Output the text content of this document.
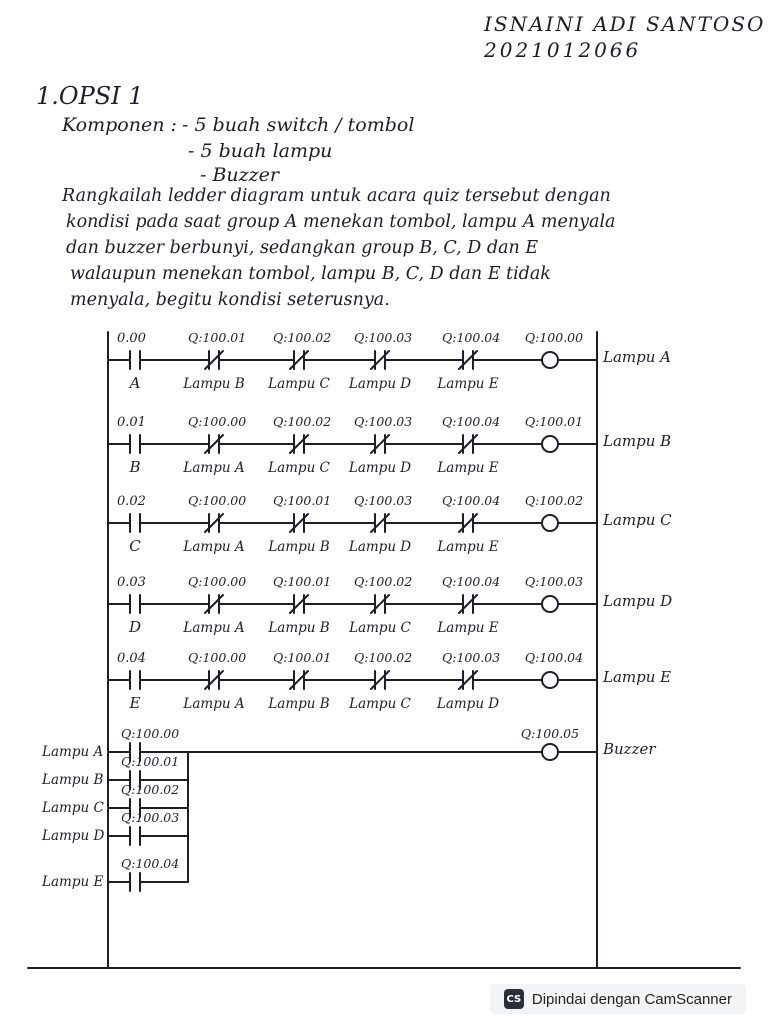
ISNAINI ADI SANTOSO
2021012066
1.OPSI 1
Komponen : - 5 buah switch / tombol
- 5 buah lampu
- Buzzer
Rangkailah ledder diagram untuk acara quiz tersebut dengan
kondisi pada saat group A menekan tombol, lampu A menyala
dan buzzer berbunyi, sedangkan group B, C, D dan E
walaupun menekan tombol, lampu B, C, D dan E tidak
menyala, begitu kondisi seterusnya.
0.00
A
Q:100.01
Lampu B
Q:100.02
Lampu C
Q:100.03
Lampu D
Q:100.04
Lampu E
Q:100.00
Lampu A
0.01
B
Q:100.00
Lampu A
Q:100.02
Lampu C
Q:100.03
Lampu D
Q:100.04
Lampu E
Q:100.01
Lampu B
0.02
C
Q:100.00
Lampu A
Q:100.01
Lampu B
Q:100.03
Lampu D
Q:100.04
Lampu E
Q:100.02
Lampu C
0.03
D
Q:100.00
Lampu A
Q:100.01
Lampu B
Q:100.02
Lampu C
Q:100.04
Lampu E
Q:100.03
Lampu D
0.04
E
Q:100.00
Lampu A
Q:100.01
Lampu B
Q:100.02
Lampu C
Q:100.03
Lampu D
Q:100.04
Lampu E
Q:100.00
Lampu A
Q:100.01
Lampu B
Q:100.02
Lampu C
Q:100.03
Lampu D
Q:100.04
Lampu E
Q:100.05
Buzzer
CS Dipindai dengan CamScanner
